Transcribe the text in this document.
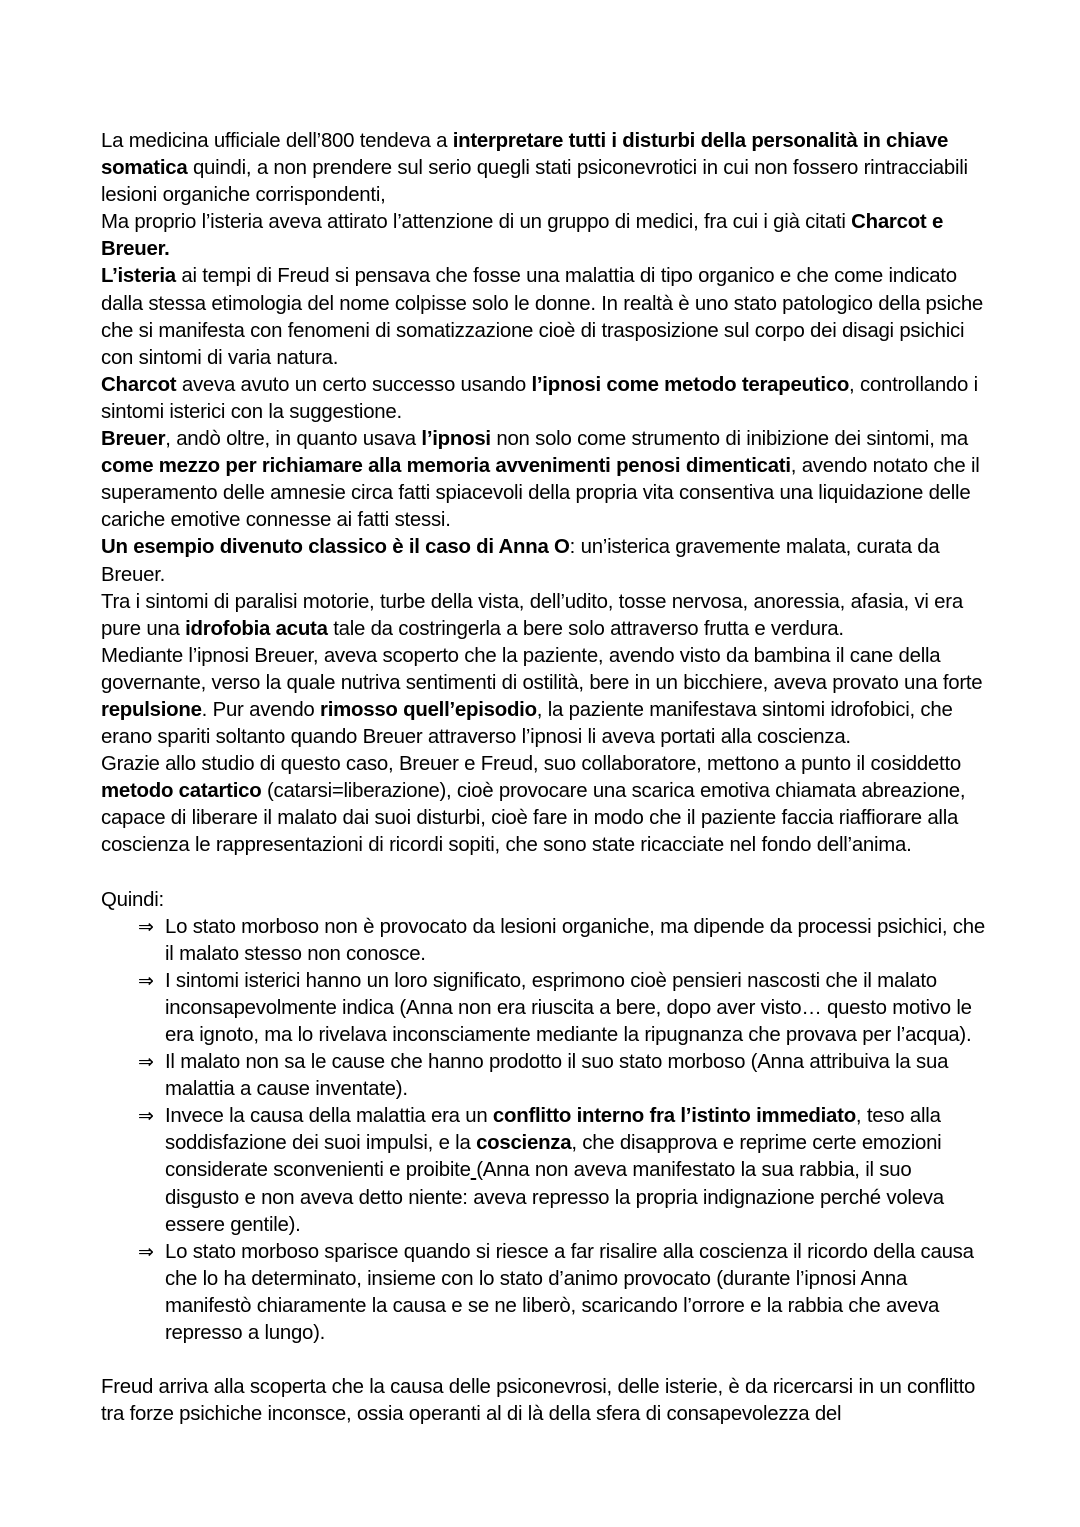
La medicina ufficiale dell’800 tendeva a interpretare tutti i disturbi della personalità in chiave somatica quindi, a non prendere sul serio quegli stati psiconevrotici in cui non fossero rintracciabili lesioni organiche corrispondenti,

Ma proprio l’isteria aveva attirato l’attenzione di un gruppo di medici, fra cui i già citati Charcot e Breuer.

L’isteria ai tempi di Freud si pensava che fosse una malattia di tipo organico e che come indicato dalla stessa etimologia del nome colpisse solo le donne. In realtà è uno stato patologico della psiche che si manifesta con fenomeni di somatizzazione cioè di trasposizione sul corpo dei disagi psichici con sintomi di varia natura.

Charcot aveva avuto un certo successo usando l’ipnosi come metodo terapeutico, controllando i sintomi isterici con la suggestione.

Breuer, andò oltre, in quanto usava l’ipnosi non solo come strumento di inibizione dei sintomi, ma come mezzo per richiamare alla memoria avvenimenti penosi dimenticati, avendo notato che il superamento delle amnesie circa fatti spiacevoli della propria vita consentiva una liquidazione delle cariche emotive connesse ai fatti stessi.

Un esempio divenuto classico è il caso di Anna O: un’isterica gravemente malata, curata da Breuer.

Tra i sintomi di paralisi motorie, turbe della vista, dell’udito, tosse nervosa, anoressia, afasia, vi era pure una idrofobia acuta tale da costringerla a bere solo attraverso frutta e verdura.

Mediante l’ipnosi Breuer, aveva scoperto che la paziente, avendo visto da bambina il cane della governante, verso la quale nutriva sentimenti di ostilità, bere in un bicchiere, aveva provato una forte repulsione. Pur avendo rimosso quell’episodio, la paziente manifestava sintomi idrofobici, che erano spariti soltanto quando Breuer attraverso l’ipnosi li aveva portati alla coscienza.

Grazie allo studio di questo caso, Breuer e Freud, suo collaboratore, mettono a punto il cosiddetto metodo catartico (catarsi=liberazione), cioè provocare una scarica emotiva chiamata abreazione, capace di liberare il malato dai suoi disturbi, cioè fare in modo che il paziente faccia riaffiorare alla coscienza le rappresentazioni di ricordi sopiti, che sono state ricacciate nel fondo dell’anima.

Quindi:

⇒ Lo stato morboso non è provocato da lesioni organiche, ma dipende da processi psichici, che il malato stesso non conosce.
⇒ I sintomi isterici hanno un loro significato, esprimono cioè pensieri nascosti che il malato inconsapevolmente indica (Anna non era riuscita a bere, dopo aver visto… questo motivo le era ignoto, ma lo rivelava inconsciamente mediante la ripugnanza che provava per l’acqua).
⇒ Il malato non sa le cause che hanno prodotto il suo stato morboso (Anna attribuiva la sua malattia a cause inventate).
⇒ Invece la causa della malattia era un conflitto interno fra l’istinto immediato, teso alla soddisfazione dei suoi impulsi, e la coscienza, che disapprova e reprime certe emozioni considerate sconvenienti e proibite (Anna non aveva manifestato la sua rabbia, il suo disgusto e non aveva detto niente: aveva represso la propria indignazione perché voleva essere gentile).
⇒ Lo stato morboso sparisce quando si riesce a far risalire alla coscienza il ricordo della causa che lo ha determinato, insieme con lo stato d’animo provocato (durante l’ipnosi Anna manifestò chiaramente la causa e se ne liberò, scaricando l’orrore e la rabbia che aveva represso a lungo).

Freud arriva alla scoperta che la causa delle psiconevrosi, delle isterie, è da ricercarsi in un conflitto tra forze psichiche inconsce, ossia operanti al di là della sfera di consapevolezza del
